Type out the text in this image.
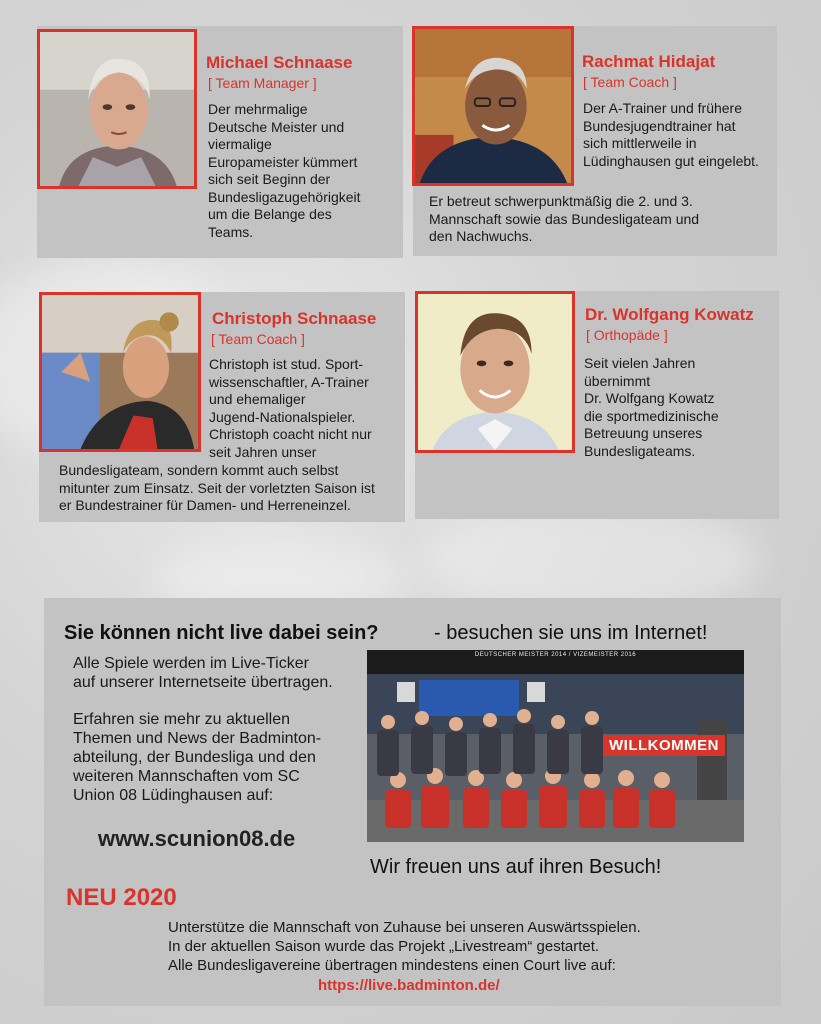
Michael Schnaase
[ Team Manager ]
Der mehrmalige
Deutsche Meister und
viermalige
Europameister kümmert
sich seit Beginn der
Bundesligazugehörigkeit
um die Belange des
Teams.
Rachmat Hidajat
[ Team Coach ]
Der A-Trainer und frühere
Bundesjugendtrainer hat
sich mittlerweile in
Lüdinghausen gut eingelebt.
Er betreut schwerpunktmäßig die 2. und 3.
Mannschaft sowie das Bundesligateam und
den Nachwuchs.
Christoph Schnaase
[ Team Coach ]
Christoph ist stud. Sport-
wissenschaftler, A-Trainer
und ehemaliger
Jugend-Nationalspieler.
Christoph coacht nicht nur
seit Jahren unser
Bundesligateam, sondern kommt auch selbst
mitunter zum Einsatz. Seit der vorletzten Saison ist
er Bundestrainer für Damen- und Herreneinzel.
Dr. Wolfgang Kowatz
[ Orthopäde ]
Seit vielen Jahren
übernimmt
Dr. Wolfgang Kowatz
die sportmedizinische
Betreuung unseres
Bundesligateams.
Sie können nicht live dabei sein?	- besuchen sie uns im Internet!
Alle Spiele werden im Live-Ticker
auf unserer Internetseite übertragen.
Erfahren sie mehr zu aktuellen
Themen und News der Badminton-
abteilung, der Bundesliga und den
weiteren Mannschaften vom SC
Union 08 Lüdinghausen auf:
www.scunion08.de
DEUTSCHER MEISTER 2014 / VIZEMEISTER 2016
WILLKOMMEN
Wir freuen uns auf ihren Besuch!
NEU 2020
Unterstütze die Mannschaft von Zuhause bei unseren Auswärtsspielen.
In der aktuellen Saison wurde das Projekt „Livestream“ gestartet.
Alle Bundesligavereine übertragen mindestens einen Court live auf:
https://live.badminton.de/
